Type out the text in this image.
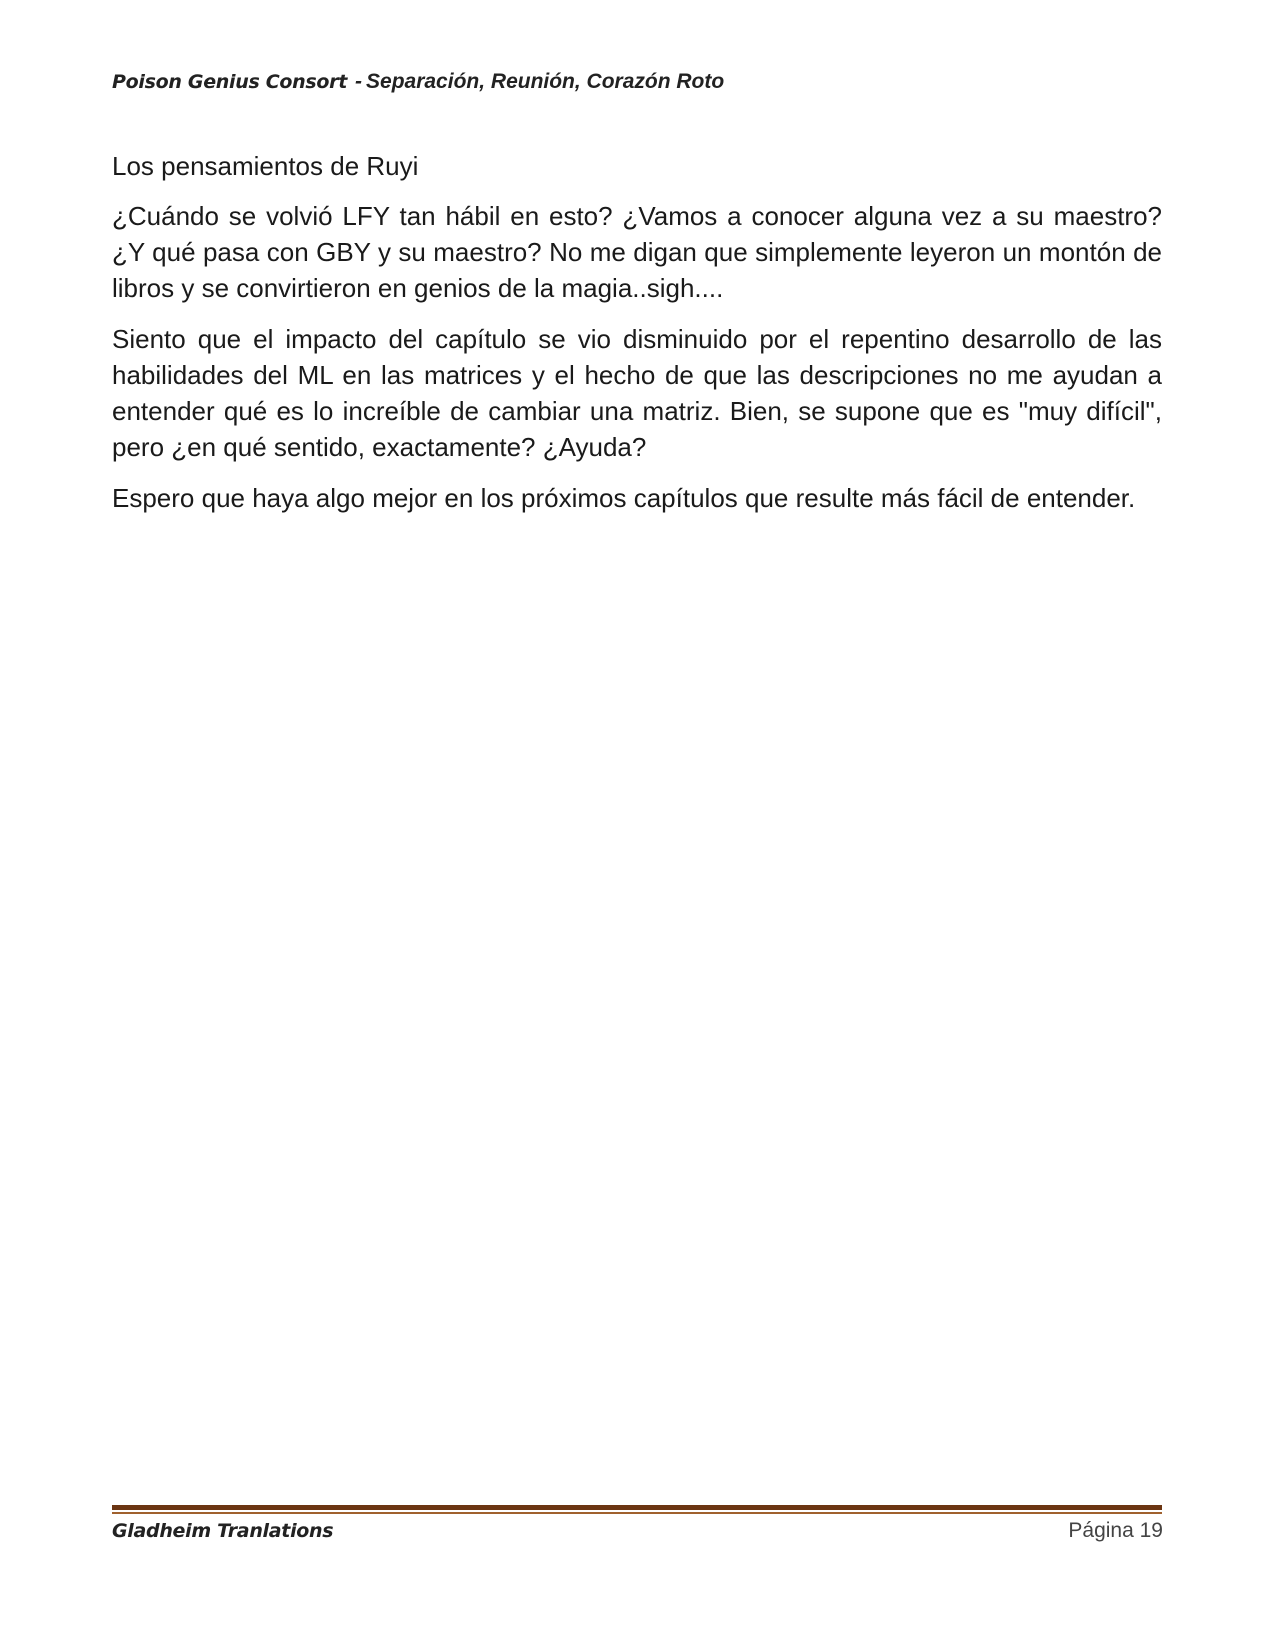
Poison Genius Consort - Separación, Reunión, Corazón Roto
Los pensamientos de Ruyi

¿Cuándo se volvió LFY tan hábil en esto? ¿Vamos a conocer alguna vez a su maestro? ¿Y qué pasa con GBY y su maestro? No me digan que simplemente leyeron un montón de libros y se convirtieron en genios de la magia..sigh....

Siento que el impacto del capítulo se vio disminuido por el repentino desarrollo de las habilidades del ML en las matrices y el hecho de que las descripciones no me ayudan a entender qué es lo increíble de cambiar una matriz. Bien, se supone que es "muy difícil", pero ¿en qué sentido, exactamente? ¿Ayuda?

Espero que haya algo mejor en los próximos capítulos que resulte más fácil de entender.

Gladheim Tranlations	Página 19
